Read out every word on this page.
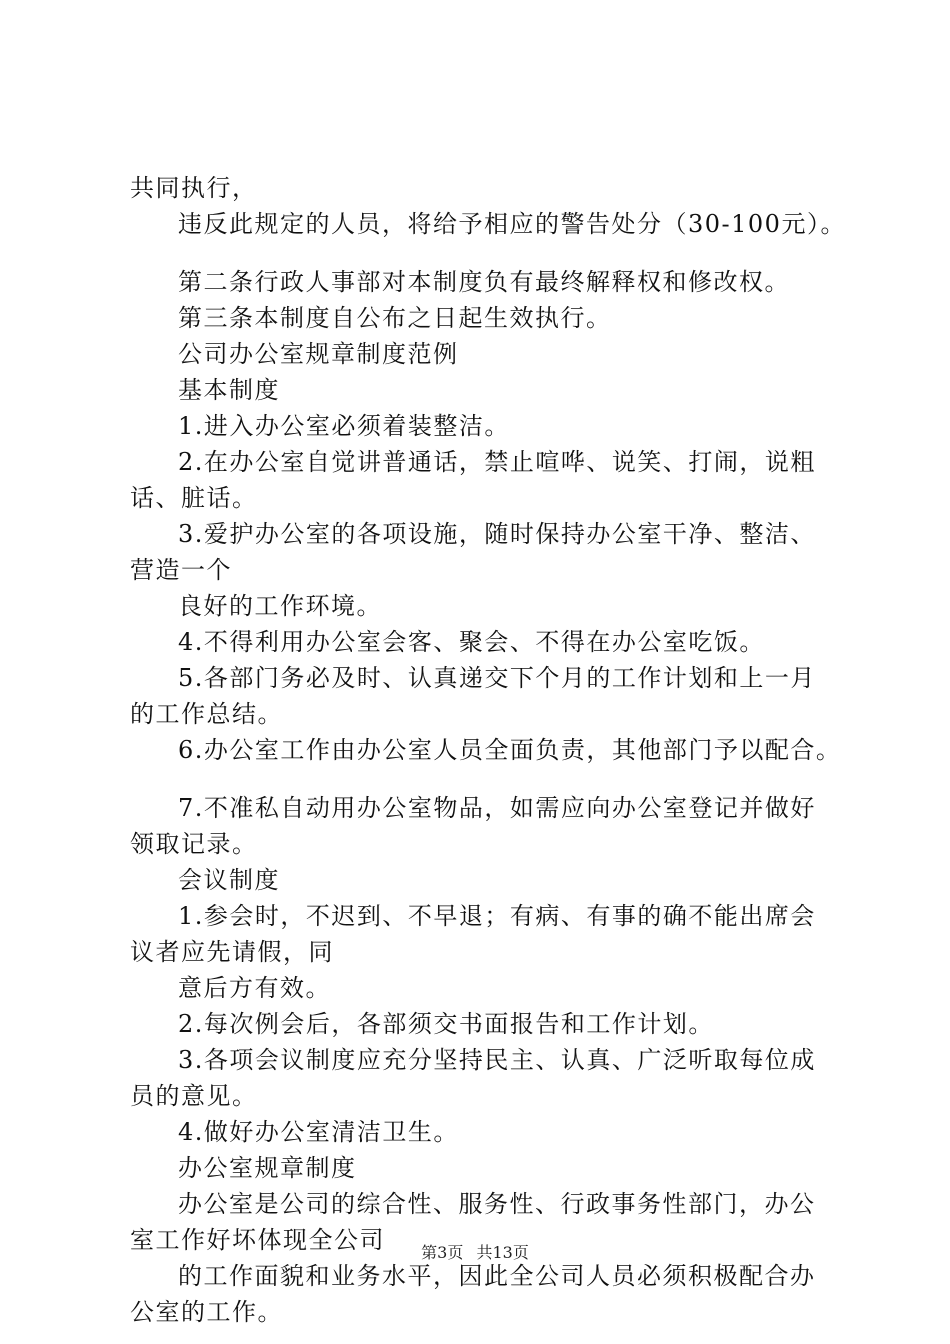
共同执行，
违反此规定的人员，将给予相应的警告处分（30-100元）。
第二条行政人事部对本制度负有最终解释权和修改权。
第三条本制度自公布之日起生效执行。
公司办公室规章制度范例
基本制度
1.进入办公室必须着装整洁。
2.在办公室自觉讲普通话，禁止喧哗、说笑、打闹，说粗
话、脏话。
3.爱护办公室的各项设施，随时保持办公室干净、整洁、
营造一个
良好的工作环境。
4.不得利用办公室会客、聚会、不得在办公室吃饭。
5.各部门务必及时、认真递交下个月的工作计划和上一月
的工作总结。
6.办公室工作由办公室人员全面负责，其他部门予以配合。
7.不准私自动用办公室物品，如需应向办公室登记并做好
领取记录。
会议制度
1.参会时，不迟到、不早退；有病、有事的确不能出席会
议者应先请假，同
意后方有效。
2.每次例会后，各部须交书面报告和工作计划。
3.各项会议制度应充分坚持民主、认真、广泛听取每位成
员的意见。
4.做好办公室清洁卫生。
办公室规章制度
办公室是公司的综合性、服务性、行政事务性部门，办公
室工作好坏体现全公司
的工作面貌和业务水平，因此全公司人员必须积极配合办
公室的工作。
第3页 共13页
